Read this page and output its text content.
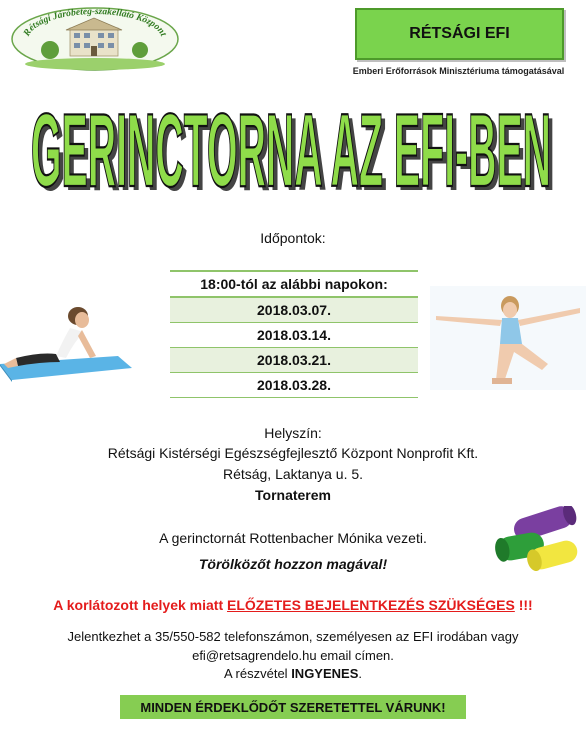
Rétsági Járóbeteg-szakellátó Központ	RÉTSÁGI EFI
Emberi Erőforrások Minisztériuma támogatásával
GERINCTORNA AZ EFI-BEN
GERINCTORNA AZ EFI-BEN
Időpontok:
18:00-tól az alábbi napokon:
2018.03.07.
2018.03.14.
2018.03.21.
2018.03.28.
Helyszín:
Rétsági Kistérségi Egészségfejlesztő Központ Nonprofit Kft.
Rétság, Laktanya u. 5.
Tornaterem
A gerinctornát Rottenbacher Mónika vezeti.
Törölközőt hozzon magával!
A korlátozott helyek miatt ELŐZETES BEJELENTKEZÉS SZÜKSÉGES !!!
Jelentkezhet a 35/550-582 telefonszámon, személyesen az EFI irodában vagy
efi@retsagrendelo.hu email címen.
A részvétel INGYENES.
MINDEN ÉRDEKLŐDŐT SZERETETTEL VÁRUNK!
